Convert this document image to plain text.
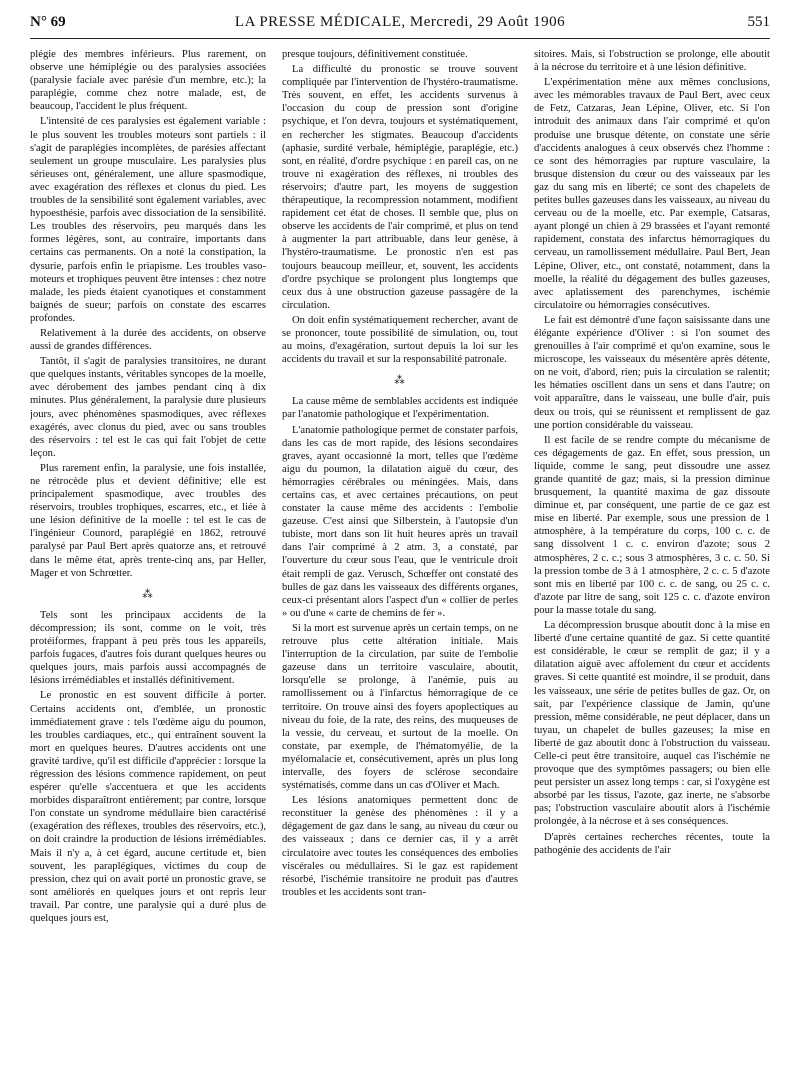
N° 69	LA PRESSE MÉDICALE, Mercredi, 29 Août 1906	551

plégie des membres inférieurs. Plus rarement, on observe une hémiplégie ou des paralysies associées (paralysie faciale avec parésie d'un membre, etc.); la paraplégie, comme chez notre malade, est, de beaucoup, l'accident le plus fréquent.

L'intensité de ces paralysies est également variable : le plus souvent les troubles moteurs sont partiels : il s'agit de paraplégies incomplètes, de parésies affectant seulement un groupe musculaire. Les paralysies plus sérieuses ont, généralement, une allure spasmodique, avec exagération des réflexes et clonus du pied. Les troubles de la sensibilité sont également variables, avec hypoesthésie, parfois avec dissociation de la sensibilité. Les troubles des réservoirs, peu marqués dans les formes légères, sont, au contraire, importants dans certains cas permanents. On a noté la constipation, la dysurie, parfois enfin le priapisme. Les troubles vaso-moteurs et trophiques peuvent être intenses : chez notre malade, les pieds étaient cyanotiques et constamment baignés de sueur; parfois on constate des escarres profondes.

Relativement à la durée des accidents, on observe aussi de grandes différences.

Tantôt, il s'agit de paralysies transitoires, ne durant que quelques instants, véritables syncopes de la moelle, avec dérobement des jambes pendant cinq à dix minutes. Plus généralement, la paralysie dure plusieurs jours, avec phénomènes spasmodiques, avec réflexes exagérés, avec clonus du pied, avec ou sans troubles des réservoirs : tel est le cas qui fait l'objet de cette leçon.

Plus rarement enfin, la paralysie, une fois installée, ne rétrocède plus et devient définitive; elle est principalement spasmodique, avec troubles des réservoirs, troubles trophiques, escarres, etc., et liée à une lésion définitive de la moelle : tel est le cas de l'ingénieur Counord, paraplégié en 1862, retrouvé paralysé par Paul Bert après quatorze ans, et retrouvé dans le même état, après trente-cinq ans, par Heller, Mager et von Schrœtter.

⁂

Tels sont les principaux accidents de la décompression; ils sont, comme on le voit, très protéiformes, frappant à peu près tous les appareils, parfois fugaces, d'autres fois durant quelques heures ou quelques jours, mais parfois aussi accompagnés de lésions irrémédiables et installés définitivement.

Le pronostic en est souvent difficile à porter. Certains accidents ont, d'emblée, un pronostic immédiatement grave : tels l'œdème aigu du poumon, les troubles cardiaques, etc., qui entraînent souvent la mort en quelques heures. D'autres accidents ont une gravité tardive, qu'il est difficile d'apprécier : lorsque la régression des lésions commence rapidement, on peut espérer qu'elle s'accentuera et que les accidents morbides disparaîtront entièrement; par contre, lorsque l'on constate un syndrome médullaire bien caractérisé (exagération des réflexes, troubles des réservoirs, etc.), on doit craindre la production de lésions irrémédiables. Mais il n'y a, à cet égard, aucune certitude et, bien souvent, les paraplégiques, victimes du coup de pression, chez qui on avait porté un pronostic grave, se sont améliorés en quelques jours et ont repris leur travail. Par contre, une paralysie qui a duré plus de quelques jours est,

presque toujours, définitivement constituée.

La difficulté du pronostic se trouve souvent compliquée par l'intervention de l'hystéro-traumatisme. Très souvent, en effet, les accidents survenus à l'occasion du coup de pression sont d'origine psychique, et l'on devra, toujours et systématiquement, en rechercher les stigmates. Beaucoup d'accidents (aphasie, surdité verbale, hémiplégie, paraplégie, etc.) sont, en réalité, d'ordre psychique : en pareil cas, on ne trouve ni exagération des réflexes, ni troubles des réservoirs; d'autre part, les moyens de suggestion thérapeutique, la recompression notamment, modifient rapidement cet état de choses. Il semble que, plus on observe les accidents de l'air comprimé, et plus on tend à augmenter la part attribuable, dans leur genèse, à l'hystéro-traumatisme. Le pronostic n'en est pas toujours beaucoup meilleur, et, souvent, les accidents d'ordre psychique se prolongent plus longtemps que ceux dus à une obstruction gazeuse passagère de la circulation.

On doit enfin systématiquement rechercher, avant de se prononcer, toute possibilité de simulation, ou, tout au moins, d'exagération, surtout depuis la loi sur les accidents du travail et sur la responsabilité patronale.

⁂

La cause même de semblables accidents est indiquée par l'anatomie pathologique et l'expérimentation.

L'anatomie pathologique permet de constater parfois, dans les cas de mort rapide, des lésions secondaires graves, ayant occasionné la mort, telles que l'œdème aigu du poumon, la dilatation aiguë du cœur, des hémorragies cérébrales ou méningées. Mais, dans certains cas, et avec certaines précautions, on peut constater la cause même des accidents : l'embolie gazeuse. C'est ainsi que Silberstein, à l'autopsie d'un tubiste, mort dans son lit huit heures après un travail dans l'air comprimé à 2 atm. 3, a constaté, par l'ouverture du cœur sous l'eau, que le ventricule droit était rempli de gaz. Verusch, Schœffer ont constaté des bulles de gaz dans les vaisseaux des différents organes, ceux-ci présentant alors l'aspect d'un « collier de perles » ou d'une « carte de chemins de fer ».

Si la mort est survenue après un certain temps, on ne retrouve plus cette altération initiale. Mais l'interruption de la circulation, par suite de l'embolie gazeuse dans un territoire vasculaire, aboutit, lorsqu'elle se prolonge, à l'anémie, puis au ramollissement ou à l'infarctus hémorragique de ce territoire. On trouve ainsi des foyers apoplectiques au niveau du foie, de la rate, des reins, des muqueuses de la vessie, du cerveau, et surtout de la moelle. On constate, par exemple, de l'hématomyélie, de la myélomalacie et, consécutivement, après un plus long intervalle, des foyers de sclérose secondaire systématisés, comme dans un cas d'Oliver et Mach.

Les lésions anatomiques permettent donc de reconstituer la genèse des phénomènes : il y a dégagement de gaz dans le sang, au niveau du cœur ou des vaisseaux ; dans ce dernier cas, il y a arrêt circulatoire avec toutes les conséquences des embolies viscérales ou médullaires. Si le gaz est rapidement résorbé, l'ischémie transitoire ne produit pas d'autres troubles et les accidents sont tran-

sitoires. Mais, si l'obstruction se prolonge, elle aboutit à la nécrose du territoire et à une lésion définitive.

L'expérimentation mène aux mêmes conclusions, avec les mémorables travaux de Paul Bert, avec ceux de Fetz, Catzaras, Jean Lépine, Oliver, etc. Si l'on introduit des animaux dans l'air comprimé et qu'on produise une brusque détente, on constate une série d'accidents analogues à ceux observés chez l'homme : ce sont des hémorragies par rupture vasculaire, la brusque distension du cœur ou des vaisseaux par les gaz du sang mis en liberté; ce sont des chapelets de petites bulles gazeuses dans les vaisseaux, au niveau du cerveau ou de la moelle, etc. Par exemple, Catsaras, ayant plongé un chien à 29 brassées et l'ayant remonté rapidement, constata des infarctus hémorragiques du cerveau, un ramollissement médullaire. Paul Bert, Jean Lépine, Oliver, etc., ont constaté, notamment, dans la moelle, la réalité du dégagement des bulles gazeuses, avec aplatissement des parenchymes, ischémie circulatoire ou hémorragies consécutives.

Le fait est démontré d'une façon saisissante dans une élégante expérience d'Oliver : si l'on soumet des grenouilles à l'air comprimé et qu'on examine, sous le microscope, les vaisseaux du mésentère après détente, on ne voit, d'abord, rien; puis la circulation se ralentit; les hématies oscillent dans un sens et dans l'autre; on voit apparaître, dans le vaisseau, une bulle d'air, puis deux ou trois, qui se réunissent et remplissent de gaz une portion considérable du vaisseau.

Il est facile de se rendre compte du mécanisme de ces dégagements de gaz. En effet, sous pression, un liquide, comme le sang, peut dissoudre une assez grande quantité de gaz; mais, si la pression diminue brusquement, la quantité maxima de gaz dissoute diminue et, par conséquent, une partie de ce gaz est mise en liberté. Par exemple, sous une pression de 1 atmosphère, à la température du corps, 100 c. c. de sang dissolvent 1 c. c. environ d'azote; sous 2 atmosphères, 2 c. c.; sous 3 atmosphères, 3 c. c. 50. Si la pression tombe de 3 à 1 atmosphère, 2 c. c. 5 d'azote sont mis en liberté par 100 c. c. de sang, ou 25 c. c. d'azote par litre de sang, soit 125 c. c. d'azote environ pour la masse totale du sang.

La décompression brusque aboutit donc à la mise en liberté d'une certaine quantité de gaz. Si cette quantité est considérable, le cœur se remplit de gaz; il y a dilatation aiguë avec affolement du cœur et accidents graves. Si cette quantité est moindre, il se produit, dans les vaisseaux, une série de petites bulles de gaz. Or, on sait, par l'expérience classique de Jamin, qu'une pression, même considérable, ne peut déplacer, dans un tuyau, un chapelet de bulles gazeuses; la mise en liberté de gaz aboutit donc à l'obstruction du vaisseau. Celle-ci peut être transitoire, auquel cas l'ischémie ne provoque que des symptômes passagers; ou bien elle peut persister un assez long temps : car, si l'oxygène est absorbé par les tissus, l'azote, gaz inerte, ne s'absorbe pas; l'obstruction vasculaire aboutit alors à l'ischémie prolongée, à la nécrose et à ses conséquences.

D'après certaines recherches récentes, toute la pathogénie des accidents de l'air
